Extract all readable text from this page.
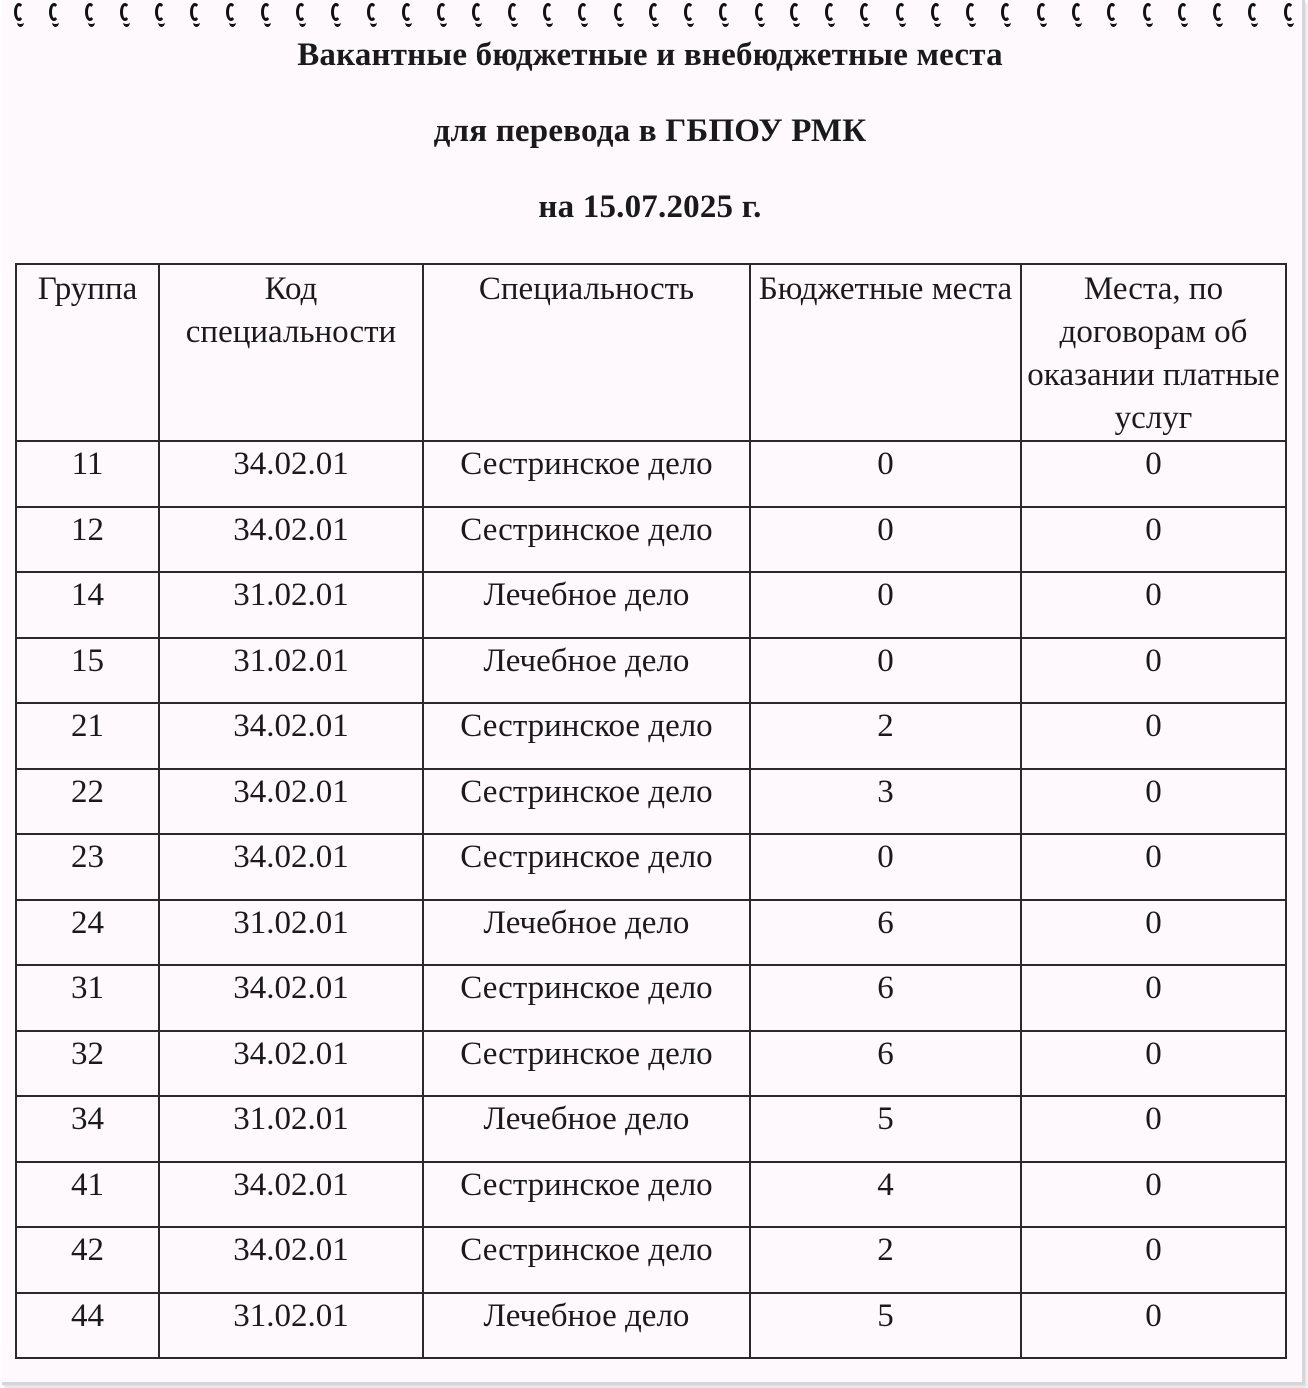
Вакантные бюджетные и внебюджетные места
для перевода в ГБПОУ РМК
на 15.07.2025 г.
Группа	Код специальности	Специальность	Бюджетные места	Места, по договорам об оказании платные услуг
11	34.02.01	Сестринское дело	0	0
12	34.02.01	Сестринское дело	0	0
14	31.02.01	Лечебное дело	0	0
15	31.02.01	Лечебное дело	0	0
21	34.02.01	Сестринское дело	2	0
22	34.02.01	Сестринское дело	3	0
23	34.02.01	Сестринское дело	0	0
24	31.02.01	Лечебное дело	6	0
31	34.02.01	Сестринское дело	6	0
32	34.02.01	Сестринское дело	6	0
34	31.02.01	Лечебное дело	5	0
41	34.02.01	Сестринское дело	4	0
42	34.02.01	Сестринское дело	2	0
44	31.02.01	Лечебное дело	5	0
